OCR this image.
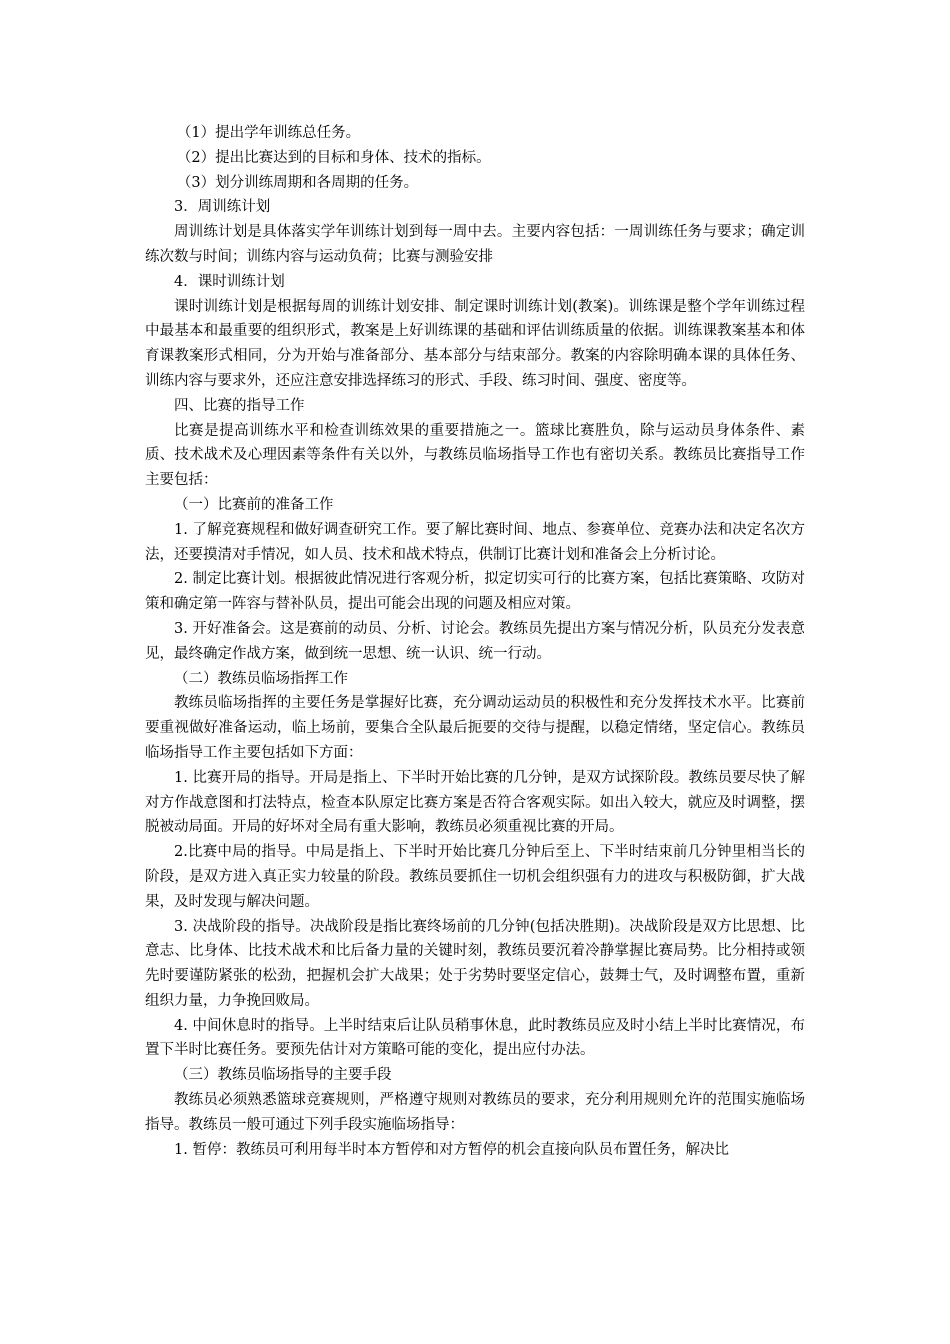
（1）提出学年训练总任务。

（2）提出比赛达到的目标和身体、技术的指标。

（3）划分训练周期和各周期的任务。

3．周训练计划

周训练计划是具体落实学年训练计划到每一周中去。主要内容包括：一周训练任务与要求；确定训练次数与时间；训练内容与运动负荷；比赛与测验安排

4．课时训练计划

课时训练计划是根据每周的训练计划安排、制定课时训练计划(教案)。训练课是整个学年训练过程中最基本和最重要的组织形式，教案是上好训练课的基础和评估训练质量的依据。训练课教案基本和体育课教案形式相同，分为开始与准备部分、基本部分与结束部分。教案的内容除明确本课的具体任务、训练内容与要求外，还应注意安排选择练习的形式、手段、练习时间、强度、密度等。

四、比赛的指导工作

比赛是提高训练水平和检查训练效果的重要措施之一。篮球比赛胜负，除与运动员身体条件、素质、技术战术及心理因素等条件有关以外，与教练员临场指导工作也有密切关系。教练员比赛指导工作主要包括：

（一）比赛前的准备工作

1. 了解竞赛规程和做好调查研究工作。要了解比赛时间、地点、参赛单位、竞赛办法和决定名次方法，还要摸清对手情况，如人员、技术和战术特点，供制订比赛计划和准备会上分析讨论。

2. 制定比赛计划。根据彼此情况进行客观分析，拟定切实可行的比赛方案，包括比赛策略、攻防对策和确定第一阵容与替补队员，提出可能会出现的问题及相应对策。

3. 开好准备会。这是赛前的动员、分析、讨论会。教练员先提出方案与情况分析，队员充分发表意见，最终确定作战方案，做到统一思想、统一认识、统一行动。

（二）教练员临场指挥工作

教练员临场指挥的主要任务是掌握好比赛，充分调动运动员的积极性和充分发挥技术水平。比赛前要重视做好准备运动，临上场前，要集合全队最后扼要的交待与提醒，以稳定情绪，坚定信心。教练员临场指导工作主要包括如下方面：

1. 比赛开局的指导。开局是指上、下半时开始比赛的几分钟，是双方试探阶段。教练员要尽快了解对方作战意图和打法特点，检查本队原定比赛方案是否符合客观实际。如出入较大，就应及时调整，摆脱被动局面。开局的好坏对全局有重大影响，教练员必须重视比赛的开局。

2.比赛中局的指导。中局是指上、下半时开始比赛几分钟后至上、下半时结束前几分钟里相当长的阶段，是双方进入真正实力较量的阶段。教练员要抓住一切机会组织强有力的进攻与积极防御，扩大战果，及时发现与解决问题。

3. 决战阶段的指导。决战阶段是指比赛终场前的几分钟(包括决胜期)。决战阶段是双方比思想、比意志、比身体、比技术战术和比后备力量的关键时刻，教练员要沉着冷静掌握比赛局势。比分相持或领先时要谨防紧张的松劲，把握机会扩大战果；处于劣势时要坚定信心，鼓舞士气，及时调整布置，重新组织力量，力争挽回败局。

4. 中间休息时的指导。上半时结束后让队员稍事休息，此时教练员应及时小结上半时比赛情况，布置下半时比赛任务。要预先估计对方策略可能的变化，提出应付办法。

（三）教练员临场指导的主要手段

教练员必须熟悉篮球竞赛规则，严格遵守规则对教练员的要求，充分利用规则允许的范围实施临场指导。教练员一般可通过下列手段实施临场指导：

1. 暂停：教练员可利用每半时本方暂停和对方暂停的机会直接向队员布置任务，解决比
